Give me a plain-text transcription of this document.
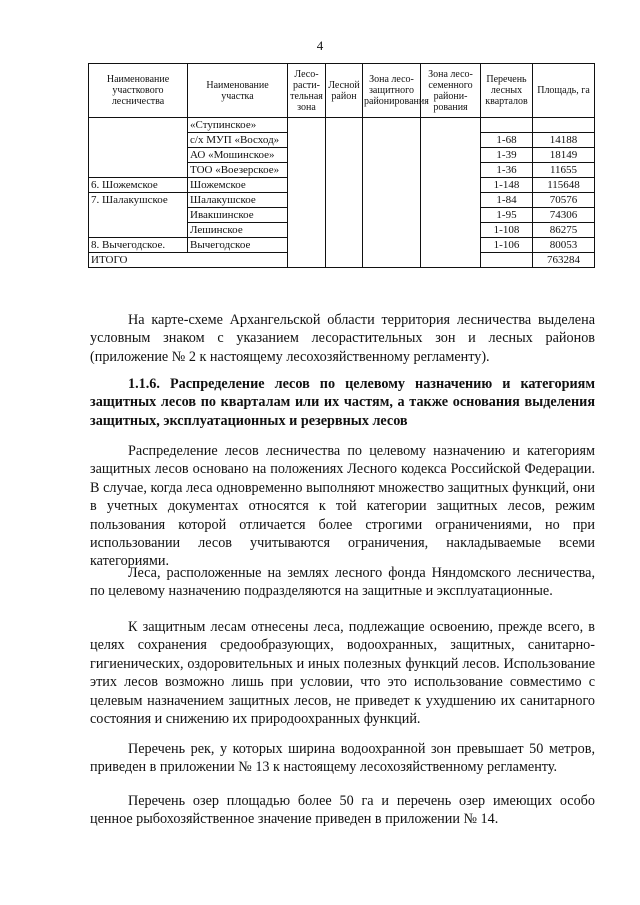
4
Наименование участкового лесничества	Наименование участка	Лесо-расти-тельная зона	Лесной район	Зона лесо-защитного районирования	Зона лесо-семенного райони-рования	Перечень лесных кварталов	Площадь, га
	«Ступинское»						
	с/х МУП «Восход»					1-68	14188
	АО «Мошинское»					1-39	18149
	ТОО «Воезерское»					1-36	11655
6. Шожемское	Шожемское					1-148	115648
7. Шалакушское	Шалакушское					1-84	70576
	Ивакшинское					1-95	74306
	Лешинское					1-108	86275
8. Вычегодское.	Вычегодское					1-106	80053
ИТОГО							763284

На карте-схеме Архангельской области территория лесничества выделена условным знаком с указанием лесорастительных зон и лесных районов (приложение № 2 к настоящему лесохозяйственному регламенту).

1.1.6. Распределение лесов по целевому назначению и категориям защитных лесов по кварталам или их частям, а также основания выделения защитных, эксплуатационных и резервных лесов

Распределение лесов лесничества по целевому назначению и категориям защитных лесов основано на положениях Лесного кодекса Российской Федерации. В случае, когда леса одновременно выполняют множество защитных функций, они в учетных документах относятся к той категории защитных лесов, режим пользования которой отличается более строгими ограничениями, но при использовании лесов учитываются ограничения, накладываемые всеми категориями.

Леса, расположенные на землях лесного фонда Няндомского лесничества, по целевому назначению подразделяются на защитные и эксплуатационные.

К защитным лесам отнесены леса, подлежащие освоению, прежде всего, в целях сохранения средообразующих, водоохранных, защитных, санитарно-гигиенических, оздоровительных и иных полезных функций лесов. Использование этих лесов возможно лишь при условии, что это использование совместимо с целевым назначением защитных лесов, не приведет к ухудшению их санитарного состояния и снижению их природоохранных функций.

Перечень рек, у которых ширина водоохранной зон превышает 50 метров, приведен в приложении № 13 к настоящему лесохозяйственному регламенту.

Перечень озер площадью более 50 га и перечень озер имеющих особо ценное рыбохозяйственное значение приведен в приложении № 14.
